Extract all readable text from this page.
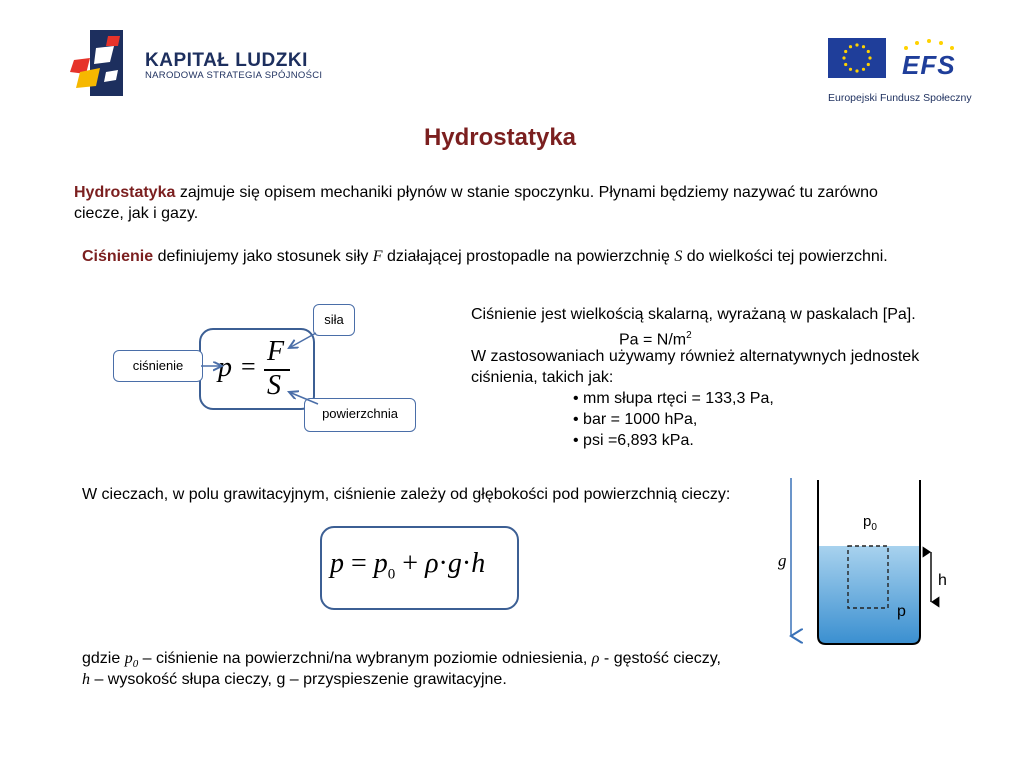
KAPITAŁ LUDZKI
NARODOWA STRATEGIA SPÓJNOŚCI	EFS
Europejski Fundusz Społeczny
Hydrostatyka
Hydrostatyka zajmuje się opisem mechaniki płynów w stanie spoczynku. Płynami będziemy nazywać tu zarówno
ciecze, jak i gazy.
Ciśnienie definiujemy jako stosunek siły F działającej prostopadle na powierzchnię S do wielkości tej powierzchni.
p = F
S
ciśnienie
siła
powierzchnia
Ciśnienie jest wielkością skalarną, wyrażaną w paskalach [Pa].
$Pa = N/m^2$
W zastosowaniach używamy również alternatywnych jednostek
ciśnienia, takich jak:
• mm słupa rtęci = 133,3 Pa,
• bar = 1000 hPa,
• psi =6,893 kPa.
W cieczach, w polu grawitacyjnym, ciśnienie zależy od głębokości pod powierzchnią cieczy:
$p = p_0 + \rho\cdot g\cdot h$
gdzie $p_0$ – ciśnienie na powierzchni/na wybranym poziomie odniesienia, ρ - gęstość cieczy,
h – wysokość słupa cieczy, g – przyspieszenie grawitacyjne.
g
$p_0$
h
p
